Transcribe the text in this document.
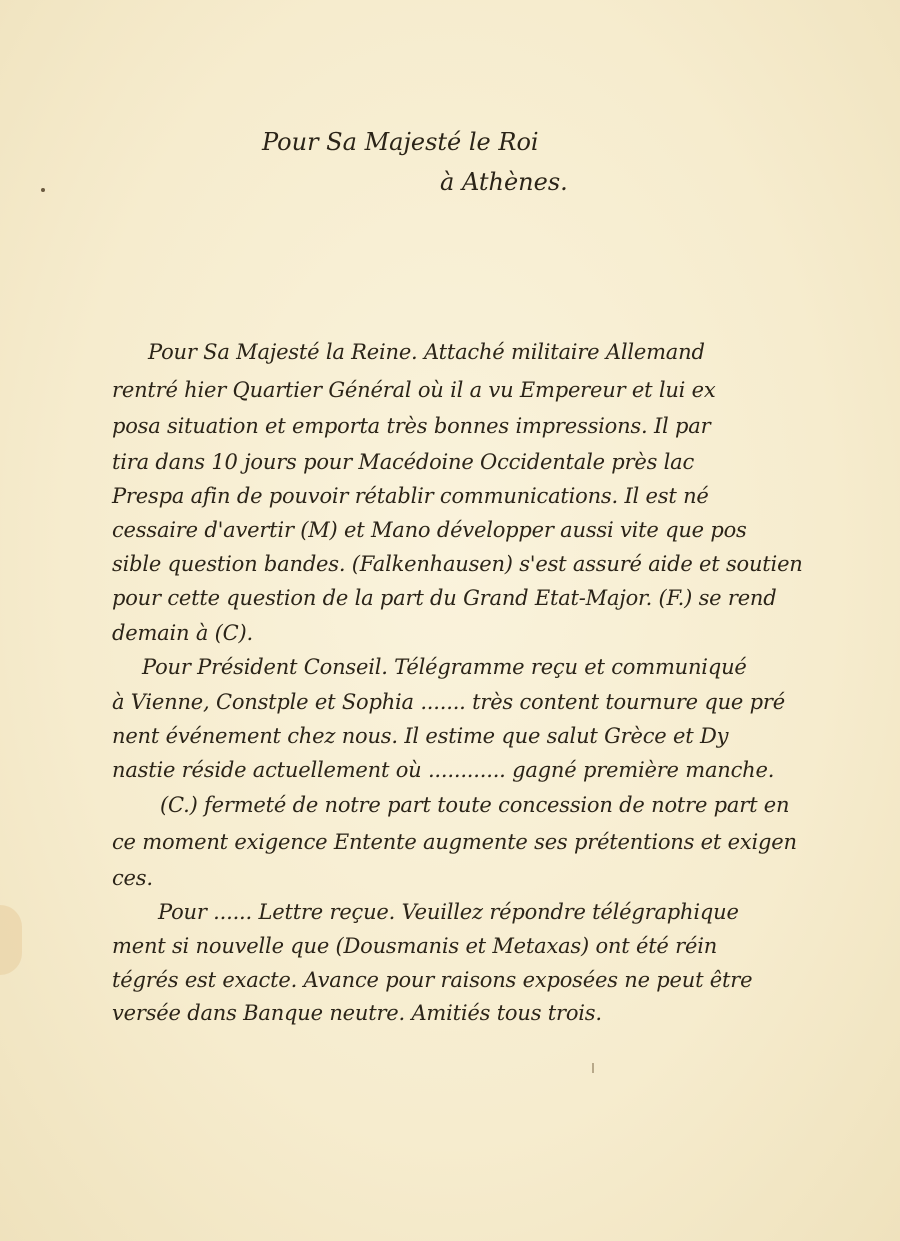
Pour Sa Majesté le Roi
à Athènes.
Pour Sa Majesté la Reine. Attaché militaire Allemand
rentré hier Quartier Général où il a vu Empereur et lui ex
posa situation et emporta très bonnes impressions. Il par
tira dans 10 jours pour Macédoine Occidentale près lac
Prespa afin de pouvoir rétablir communications. Il est né
cessaire d'avertir (M) et Mano développer aussi vite que pos
sible question bandes. (Falkenhausen) s'est assuré aide et soutien
pour cette question de la part du Grand Etat-Major. (F.) se rend
demain à (C).
Pour Président Conseil. Télégramme reçu et communiqué
à Vienne, Constple et Sophia ....... très content tournure que pré
nent événement chez nous. Il estime que salut Grèce et Dy
nastie réside actuellement où ............ gagné première manche.
(C.) fermeté de notre part toute concession de notre part en
ce moment exigence Entente augmente ses prétentions et exigen
ces.
Pour ...... Lettre reçue. Veuillez répondre télégraphique
ment si nouvelle que (Dousmanis et Metaxas) ont été réin
tégrés est exacte. Avance pour raisons exposées ne peut être
versée dans Banque neutre. Amitiés tous trois.
